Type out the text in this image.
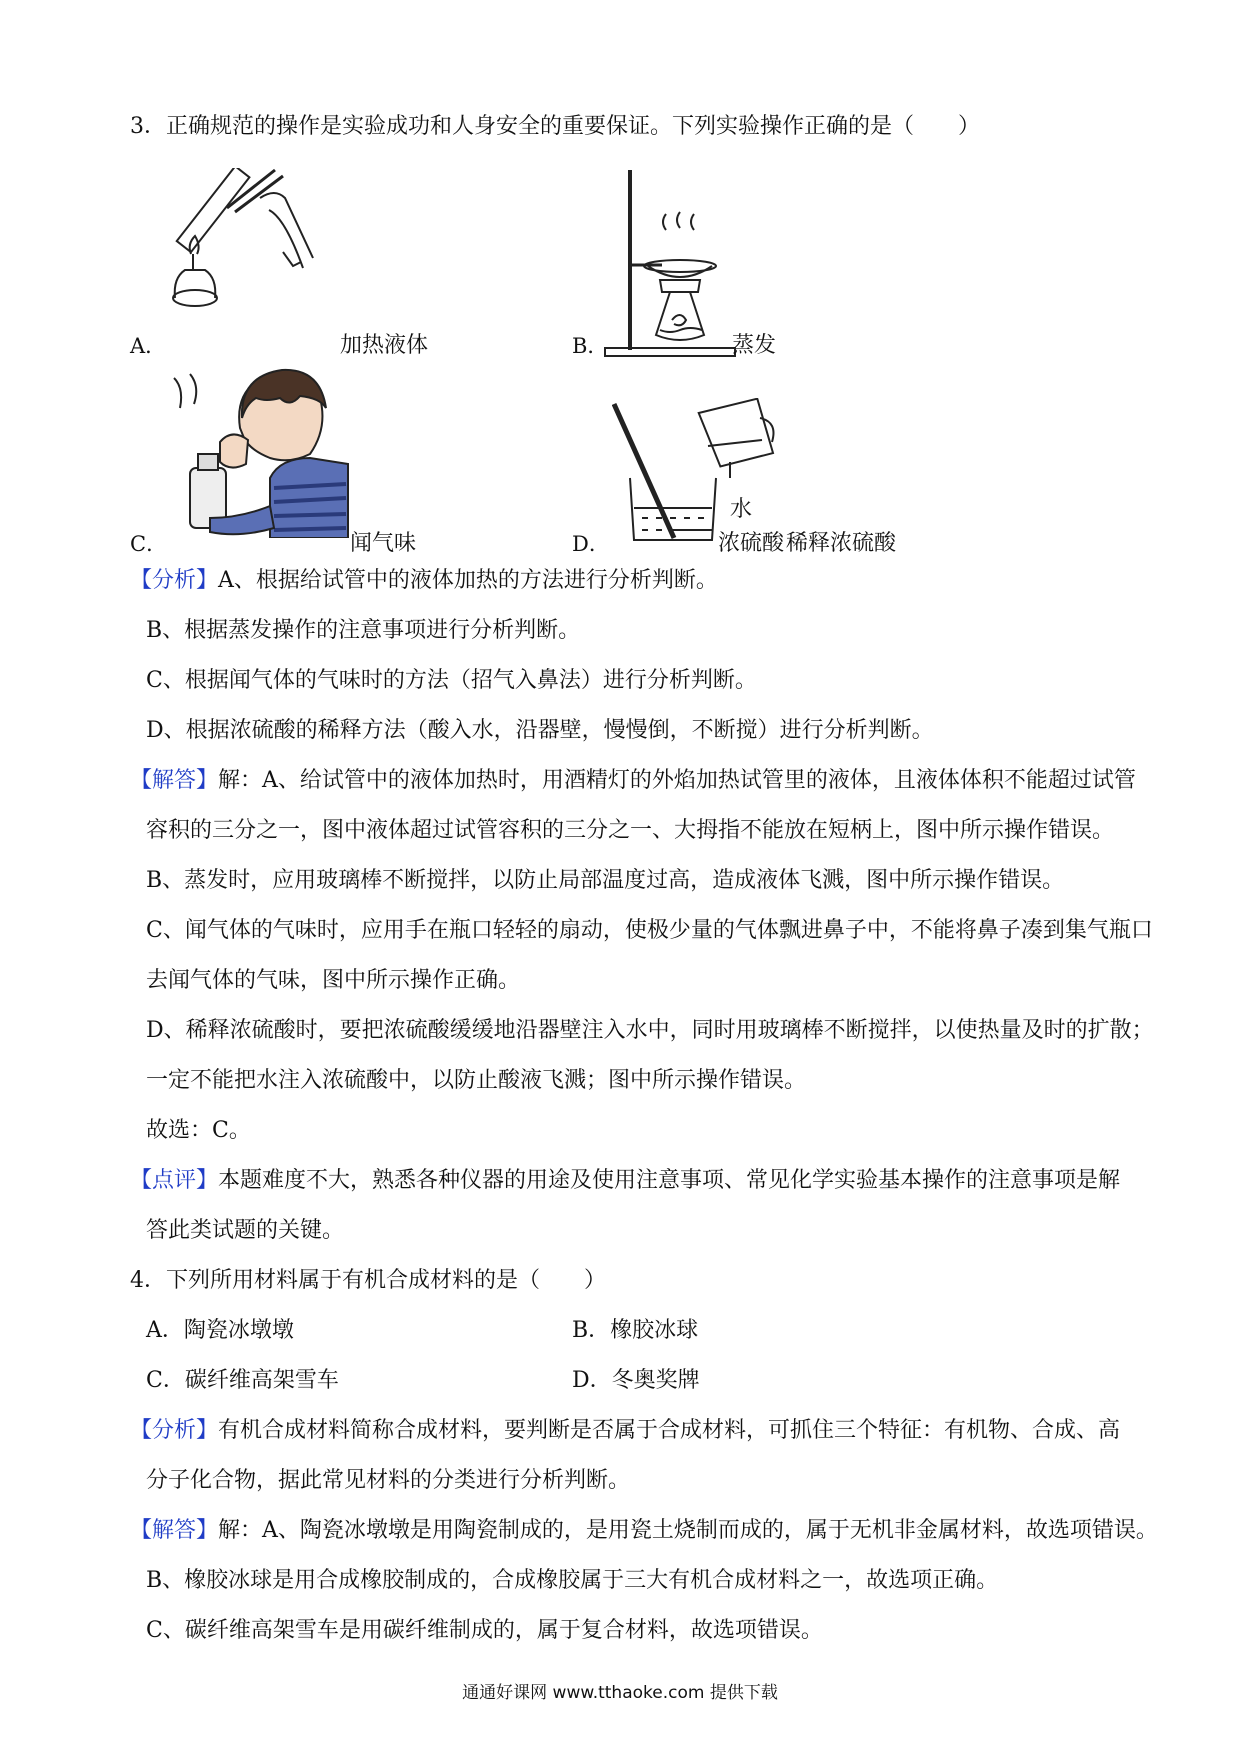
3．正确规范的操作是实验成功和人身安全的重要保证。下列实验操作正确的是（　　）
A．	加热液体	B．	蒸发
C．	闻气味
水
浓硫酸
D．	稀释浓硫酸
【分析】A、根据给试管中的液体加热的方法进行分析判断。
B、根据蒸发操作的注意事项进行分析判断。
C、根据闻气体的气味时的方法（招气入鼻法）进行分析判断。
D、根据浓硫酸的稀释方法（酸入水，沿器壁，慢慢倒，不断搅）进行分析判断。
【解答】解：A、给试管中的液体加热时，用酒精灯的外焰加热试管里的液体，且液体体积不能超过试管
容积的三分之一，图中液体超过试管容积的三分之一、大拇指不能放在短柄上，图中所示操作错误。
B、蒸发时，应用玻璃棒不断搅拌，以防止局部温度过高，造成液体飞溅，图中所示操作错误。
C、闻气体的气味时，应用手在瓶口轻轻的扇动，使极少量的气体飘进鼻子中，不能将鼻子凑到集气瓶口
去闻气体的气味，图中所示操作正确。
D、稀释浓硫酸时，要把浓硫酸缓缓地沿器壁注入水中，同时用玻璃棒不断搅拌，以使热量及时的扩散；
一定不能把水注入浓硫酸中，以防止酸液飞溅；图中所示操作错误。
故选：C。
【点评】本题难度不大，熟悉各种仪器的用途及使用注意事项、常见化学实验基本操作的注意事项是解
答此类试题的关键。
4．下列所用材料属于有机合成材料的是（　　）
A．陶瓷冰墩墩	B．橡胶冰球
C．碳纤维高架雪车	D．冬奥奖牌
【分析】有机合成材料简称合成材料，要判断是否属于合成材料，可抓住三个特征：有机物、合成、高
分子化合物，据此常见材料的分类进行分析判断。
【解答】解：A、陶瓷冰墩墩是用陶瓷制成的，是用瓷土烧制而成的，属于无机非金属材料，故选项错误。
B、橡胶冰球是用合成橡胶制成的，合成橡胶属于三大有机合成材料之一，故选项正确。
C、碳纤维高架雪车是用碳纤维制成的，属于复合材料，故选项错误。
通通好课网 www.tthaoke.com 提供下载
